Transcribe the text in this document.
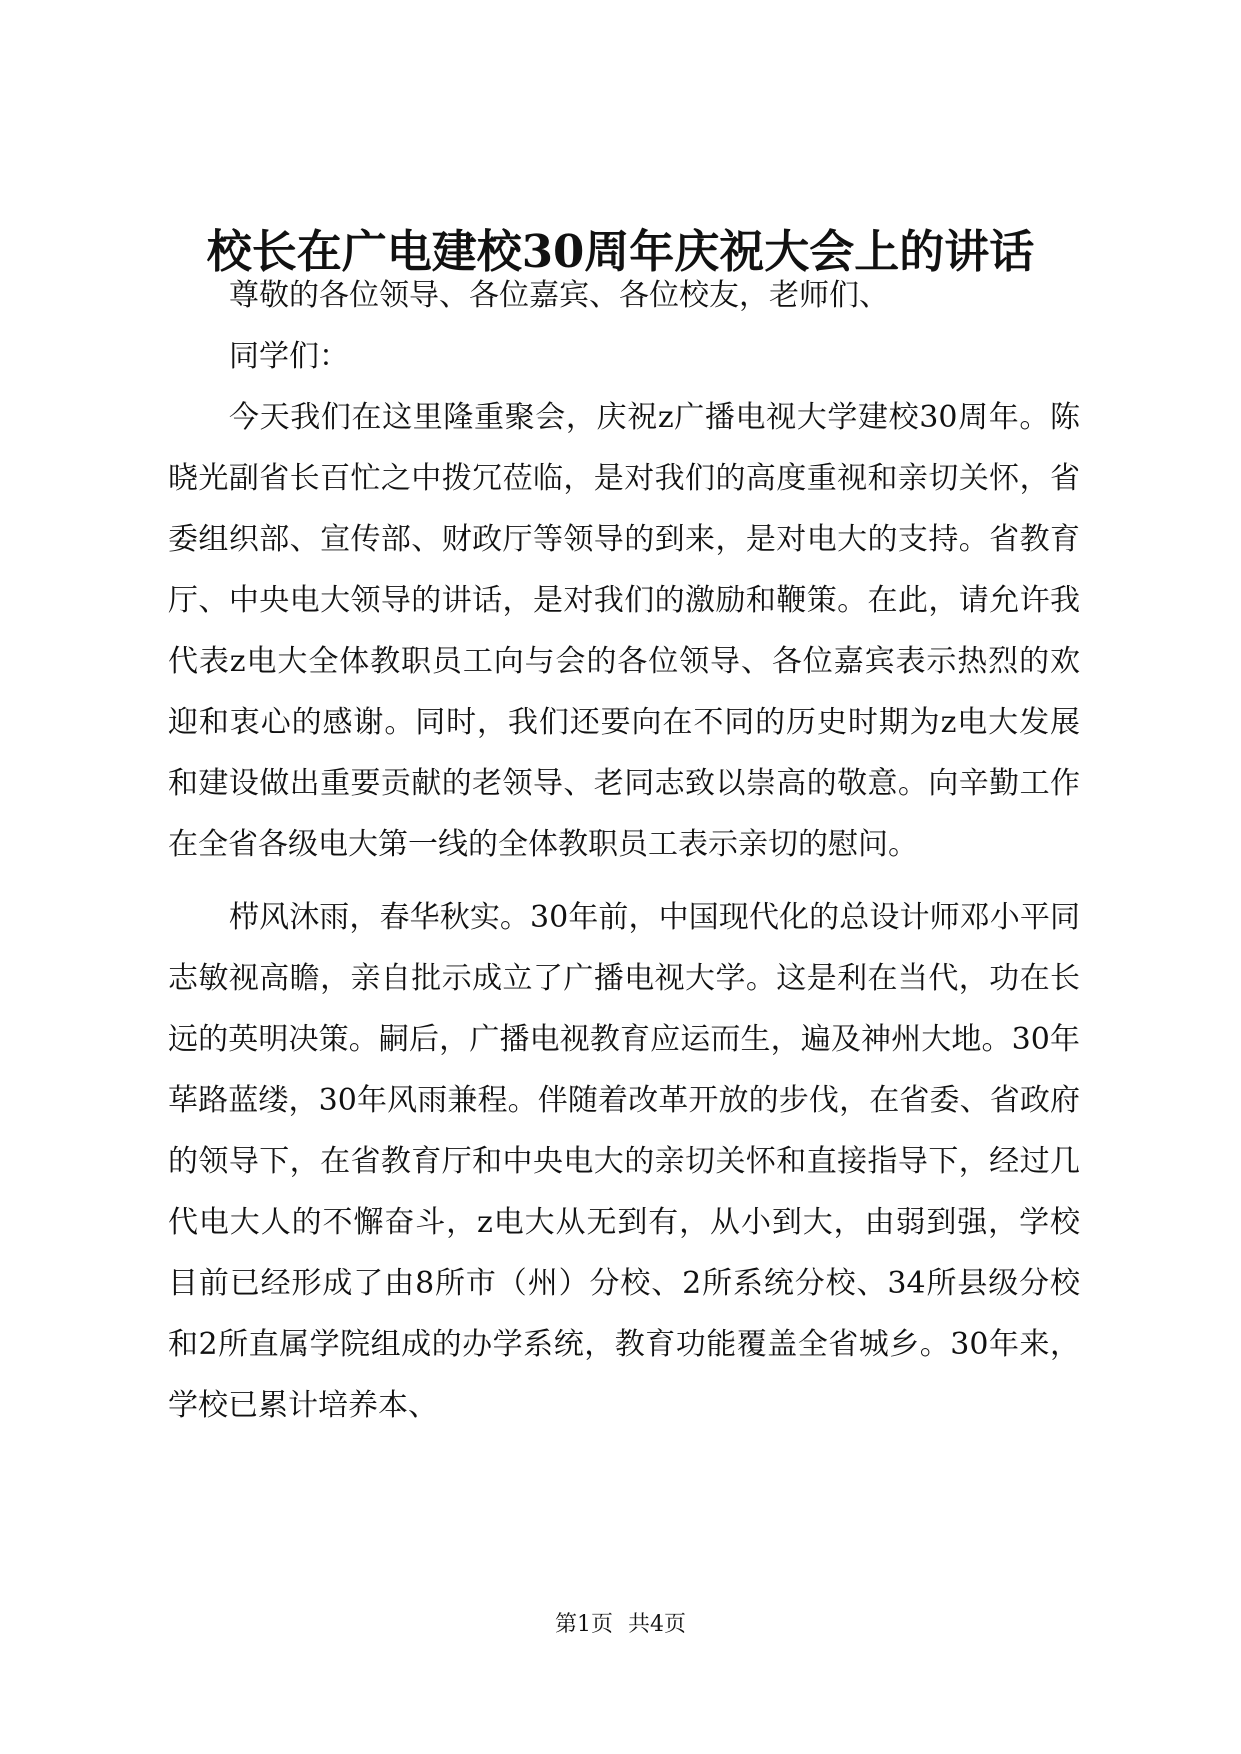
校长在广电建校30周年庆祝大会上的讲话

尊敬的各位领导、各位嘉宾、各位校友，老师们、

同学们：

今天我们在这里隆重聚会，庆祝z广播电视大学建校30周年。陈晓光副省长百忙之中拨冗莅临，是对我们的高度重视和亲切关怀，省委组织部、宣传部、财政厅等领导的到来，是对电大的支持。省教育厅、中央电大领导的讲话，是对我们的激励和鞭策。在此，请允许我代表z电大全体教职员工向与会的各位领导、各位嘉宾表示热烈的欢迎和衷心的感谢。同时，我们还要向在不同的历史时期为z电大发展和建设做出重要贡献的老领导、老同志致以崇高的敬意。向辛勤工作在全省各级电大第一线的全体教职员工表示亲切的慰问。

栉风沐雨，春华秋实。30年前，中国现代化的总设计师邓小平同志敏视高瞻，亲自批示成立了广播电视大学。这是利在当代，功在长远的英明决策。嗣后，广播电视教育应运而生，遍及神州大地。30年荜路蓝缕，30年风雨兼程。伴随着改革开放的步伐，在省委、省政府的领导下，在省教育厅和中央电大的亲切关怀和直接指导下，经过几代电大人的不懈奋斗，z电大从无到有，从小到大，由弱到强，学校目前已经形成了由8所市（州）分校、2所系统分校、34所县级分校和2所直属学院组成的办学系统，教育功能覆盖全省城乡。30年来，学校已累计培养本、

第1页 共4页
